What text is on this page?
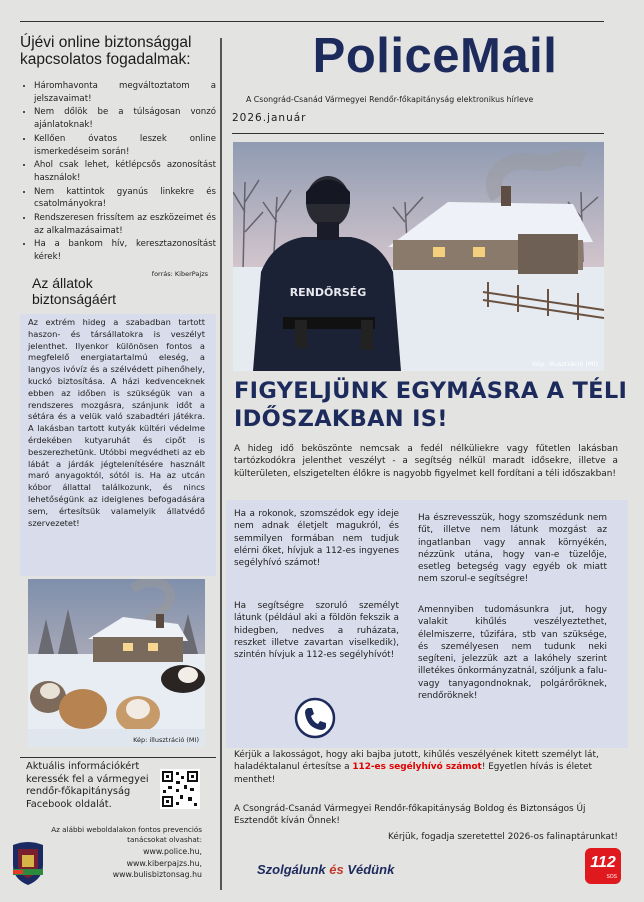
Újévi online biztonsággal kapcsolatos fogadalmak:
• Háromhavonta megváltoztatom a jelszavaimat!
• Nem dőlök be a túlságosan vonzó ajánlatoknak!
• Kellően óvatos leszek online ismerkedéseim során!
• Ahol csak lehet, kétlépcsős azonosítást használok!
• Nem kattintok gyanús linkekre és csatolmányokra!
• Rendszeresen frissítem az eszközeimet és az alkalmazásaimat!
• Ha a bankom hív, keresztazonosítást kérek!
forrás: KiberPajzs
Az állatok biztonságáért
Az extrém hideg a szabadban tartott haszon- és társállatokra is veszélyt jelenthet. Ilyenkor különösen fontos a megfelelő energiatartalmú eleség, a langyos ivóvíz és a szélvédett pihenőhely, kuckó biztosítása. A házi kedvenceknek ebben az időben is szükségük van a rendszeres mozgásra, szánjunk időt a sétára és a velük való szabadtéri játékra. A lakásban tartott kutyák kültéri védelme érdekében kutyaruhát és cipőt is beszerezhetünk. Utóbbi megvédheti az eb lábát a járdák jégtelenítésére használt maró anyagoktól, sótól is. Ha az utcán kóbor állattal találkozunk, és nincs lehetőségünk az ideiglenes befogadására sem, értesítsük valamelyik állatvédő szervezetet!
Kép: illusztráció (MI)
Aktuális információkért keressék fel a vármegyei rendőr-főkapitányság Facebook oldalát.
Az alábbi weboldalakon fontos prevenciós tanácsokat olvashat:
www.police.hu,
www.kiberpajzs.hu,
www.bulisbiztonsag.hu
PoliceMail
A Csongrád-Csanád Vármegyei Rendőr-főkapitányság elektronikus hírleve
2026.január
RENDŐRSÉG
Kép: illusztráció (MI)
FIGYELJÜNK EGYMÁSRA A TÉLI IDŐSZAKBAN IS!
A hideg idő beköszönte nemcsak a fedél nélküliekre vagy fűtetlen lakásban tartózkodókra jelenthet veszélyt - a segítség nélkül maradt idősekre, illetve a külterületen, elszigetelten élőkre is nagyobb figyelmet kell fordítani a téli időszakban!
Ha a rokonok, szomszédok egy ideje nem adnak életjelt magukról, és semmilyen formában nem tudjuk elérni őket, hívjuk a 112-es ingyenes segélyhívó számot!
Ha segítségre szoruló személyt látunk (például aki a földön fekszik a hidegben, nedves a ruházata, reszket illetve zavartan viselkedik), szintén hívjuk a 112-es segélyhívót!
Ha észrevesszük, hogy szomszédunk nem fűt, illetve nem látunk mozgást az ingatlanban vagy annak környékén, nézzünk utána, hogy van-e tüzelője, esetleg betegség vagy egyéb ok miatt nem szorul-e segítségre!
Amennyiben tudomásunkra jut, hogy valakit kihűlés veszélyeztethet, élelmiszerre, tűzifára, stb van szüksége, és személyesen nem tudunk neki segíteni, jelezzük azt a lakóhely szerint illetékes önkormányzatnál, szóljunk a falu-vagy tanyagondnoknak, polgárőröknek, rendőröknek!
Kérjük a lakosságot, hogy aki bajba jutott, kihűlés veszélyének kitett személyt lát, haladéktalanul értesítse a 112-es segélyhívó számot! Egyetlen hívás is életet menthet!
A Csongrád-Csanád Vármegyei Rendőr-főkapitányság Boldog és Biztonságos Új Esztendőt kíván Önnek!
Kérjük, fogadja szeretettel 2026-os falinaptárunkat!
Szolgálunk és Védünk	112
SOS
